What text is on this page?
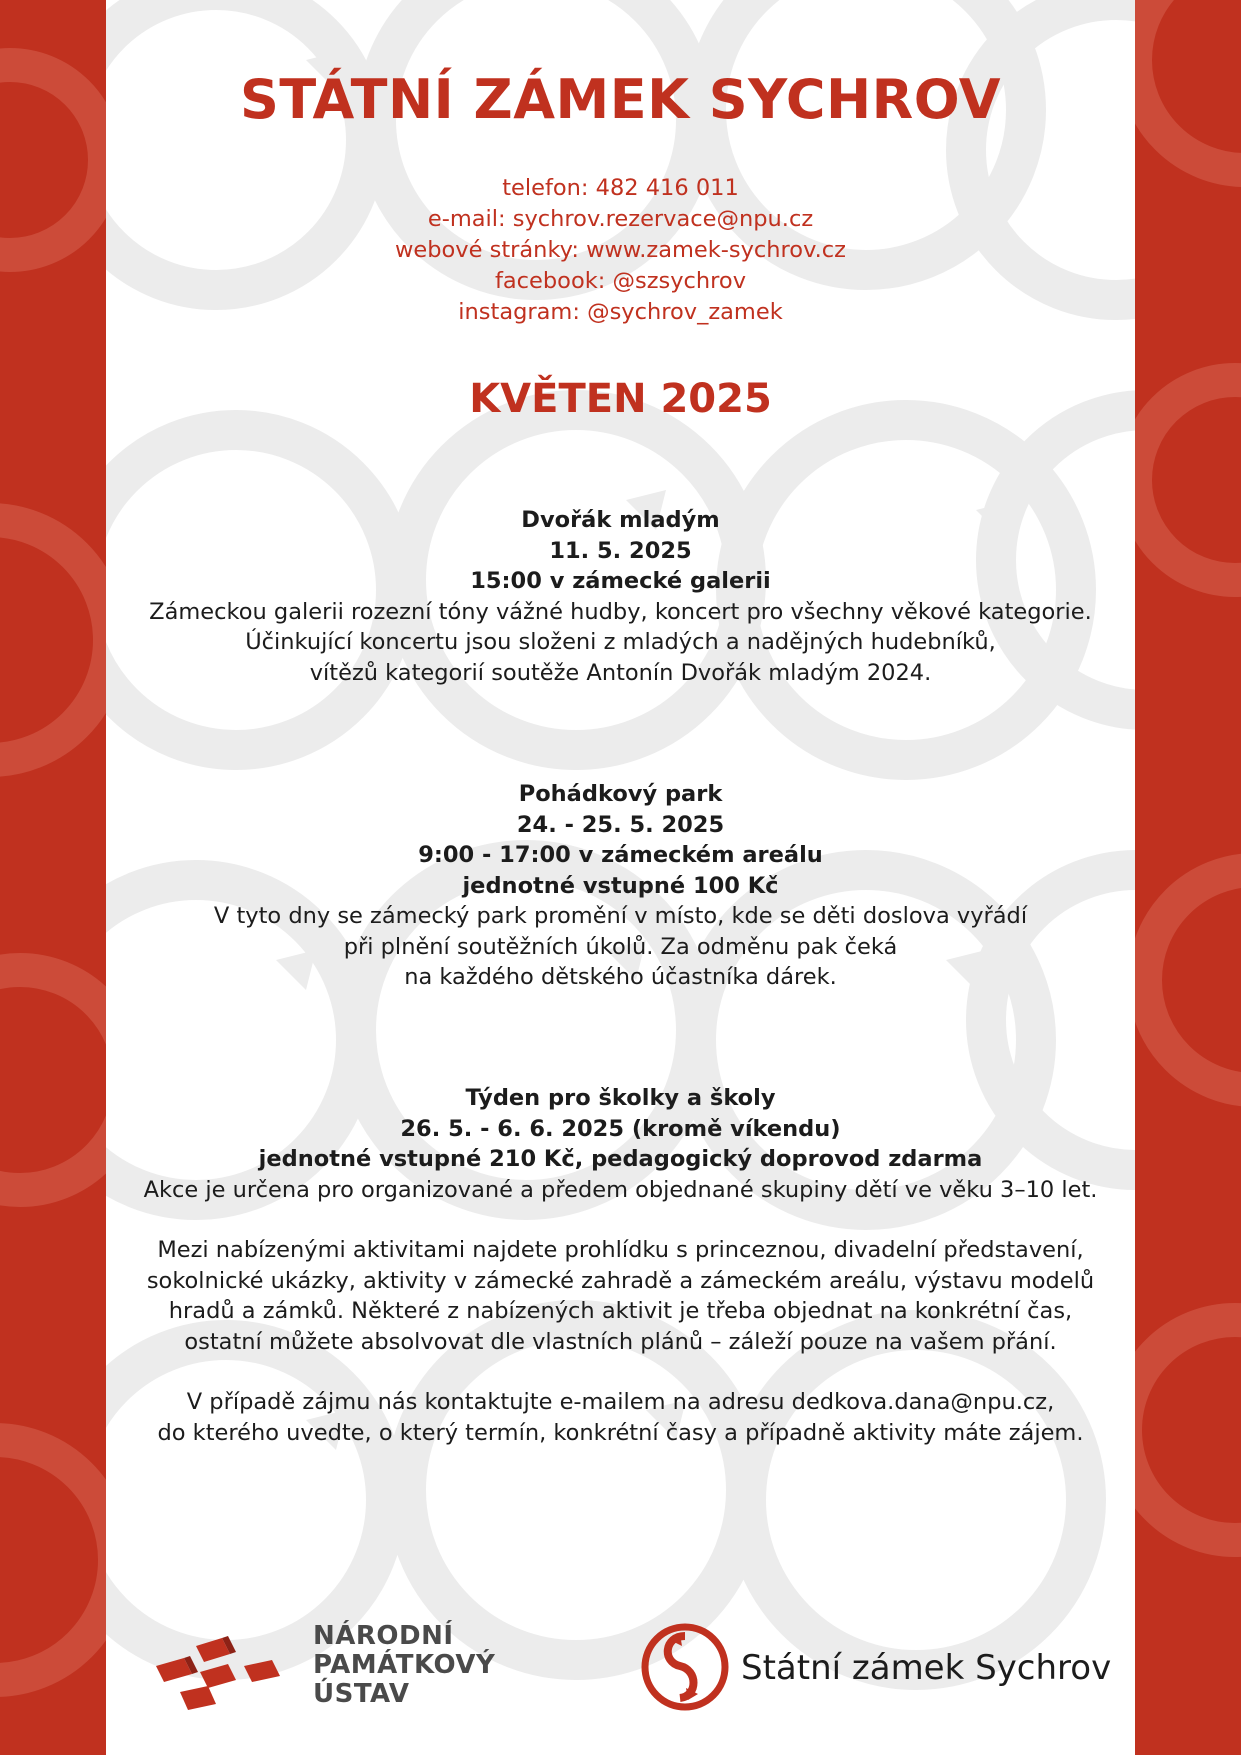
STÁTNÍ ZÁMEK SYCHROV
telefon: 482 416 011
e-mail: sychrov.rezervace@npu.cz
webové stránky: www.zamek-sychrov.cz
facebook: @szsychrov
instagram: @sychrov_zamek
KVĚTEN 2025
Dvořák mladým
11. 5. 2025
15:00 v zámecké galerii
Zámeckou galerii rozezní tóny vážné hudby, koncert pro všechny věkové kategorie.
Účinkující koncertu jsou složeni z mladých a nadějných hudebníků,
vítězů kategorií soutěže Antonín Dvořák mladým 2024.
Pohádkový park
24. - 25. 5. 2025
9:00 - 17:00 v zámeckém areálu
jednotné vstupné 100 Kč
V tyto dny se zámecký park promění v místo, kde se děti doslova vyřádí
při plnění soutěžních úkolů. Za odměnu pak čeká
na každého dětského účastníka dárek.
Týden pro školky a školy
26. 5. - 6. 6. 2025 (kromě víkendu)
jednotné vstupné 210 Kč, pedagogický doprovod zdarma
Akce je určena pro organizované a předem objednané skupiny dětí ve věku 3–10 let.
Mezi nabízenými aktivitami najdete prohlídku s princeznou, divadelní představení,
sokolnické ukázky, aktivity v zámecké zahradě a zámeckém areálu, výstavu modelů
hradů a zámků. Některé z nabízených aktivit je třeba objednat na konkrétní čas,
ostatní můžete absolvovat dle vlastních plánů – záleží pouze na vašem přání.
V případě zájmu nás kontaktujte e-mailem na adresu dedkova.dana@npu.cz,
do kterého uvedte, o který termín, konkrétní časy a případně aktivity máte zájem.
NÁRODNÍ
PAMÁTKOVÝ
ÚSTAV
Státní zámek Sychrov
